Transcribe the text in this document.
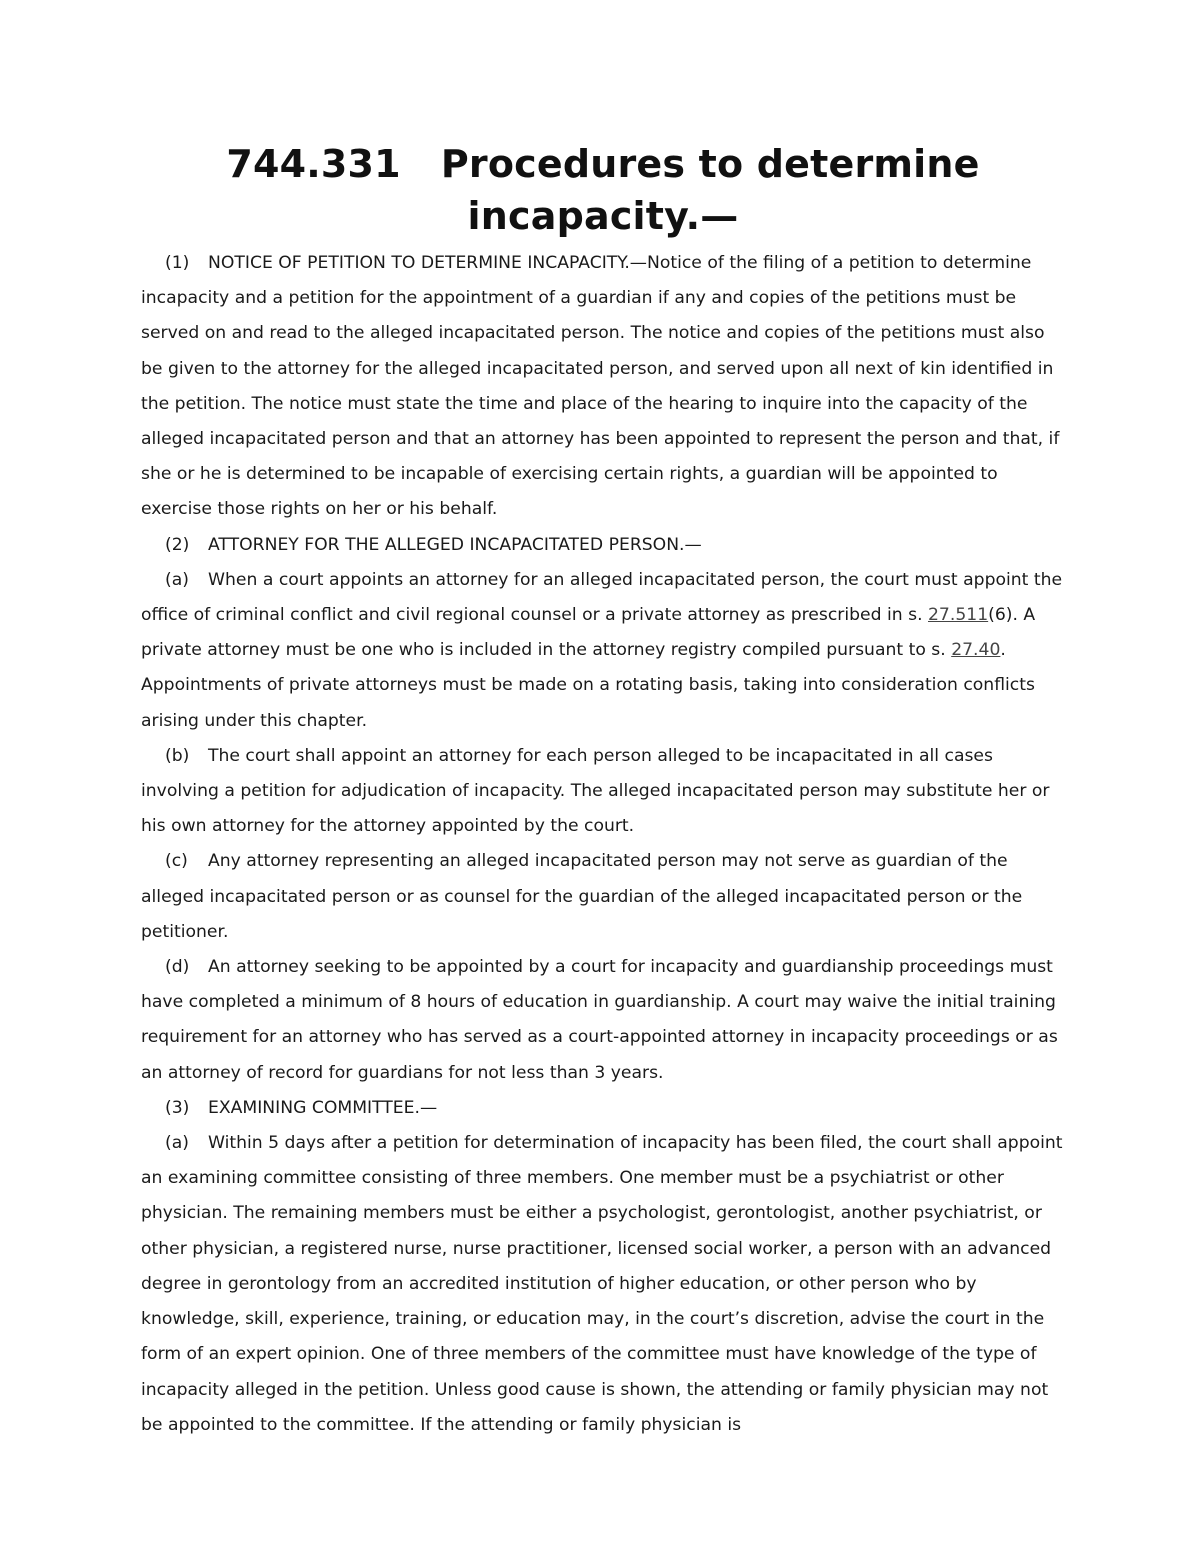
744.331 Procedures to determine incapacity.—

(1) NOTICE OF PETITION TO DETERMINE INCAPACITY.—Notice of the filing of a petition to determine incapacity and a petition for the appointment of a guardian if any and copies of the petitions must be served on and read to the alleged incapacitated person. The notice and copies of the petitions must also be given to the attorney for the alleged incapacitated person, and served upon all next of kin identified in the petition. The notice must state the time and place of the hearing to inquire into the capacity of the alleged incapacitated person and that an attorney has been appointed to represent the person and that, if she or he is determined to be incapable of exercising certain rights, a guardian will be appointed to exercise those rights on her or his behalf.

(2) ATTORNEY FOR THE ALLEGED INCAPACITATED PERSON.—

(a) When a court appoints an attorney for an alleged incapacitated person, the court must appoint the office of criminal conflict and civil regional counsel or a private attorney as prescribed in s. 27.511(6). A private attorney must be one who is included in the attorney registry compiled pursuant to s. 27.40. Appointments of private attorneys must be made on a rotating basis, taking into consideration conflicts arising under this chapter.

(b) The court shall appoint an attorney for each person alleged to be incapacitated in all cases involving a petition for adjudication of incapacity. The alleged incapacitated person may substitute her or his own attorney for the attorney appointed by the court.

(c) Any attorney representing an alleged incapacitated person may not serve as guardian of the alleged incapacitated person or as counsel for the guardian of the alleged incapacitated person or the petitioner.

(d) An attorney seeking to be appointed by a court for incapacity and guardianship proceedings must have completed a minimum of 8 hours of education in guardianship. A court may waive the initial training requirement for an attorney who has served as a court-appointed attorney in incapacity proceedings or as an attorney of record for guardians for not less than 3 years.

(3) EXAMINING COMMITTEE.—

(a) Within 5 days after a petition for determination of incapacity has been filed, the court shall appoint an examining committee consisting of three members. One member must be a psychiatrist or other physician. The remaining members must be either a psychologist, gerontologist, another psychiatrist, or other physician, a registered nurse, nurse practitioner, licensed social worker, a person with an advanced degree in gerontology from an accredited institution of higher education, or other person who by knowledge, skill, experience, training, or education may, in the court’s discretion, advise the court in the form of an expert opinion. One of three members of the committee must have knowledge of the type of incapacity alleged in the petition. Unless good cause is shown, the attending or family physician may not be appointed to the committee. If the attending or family physician is
